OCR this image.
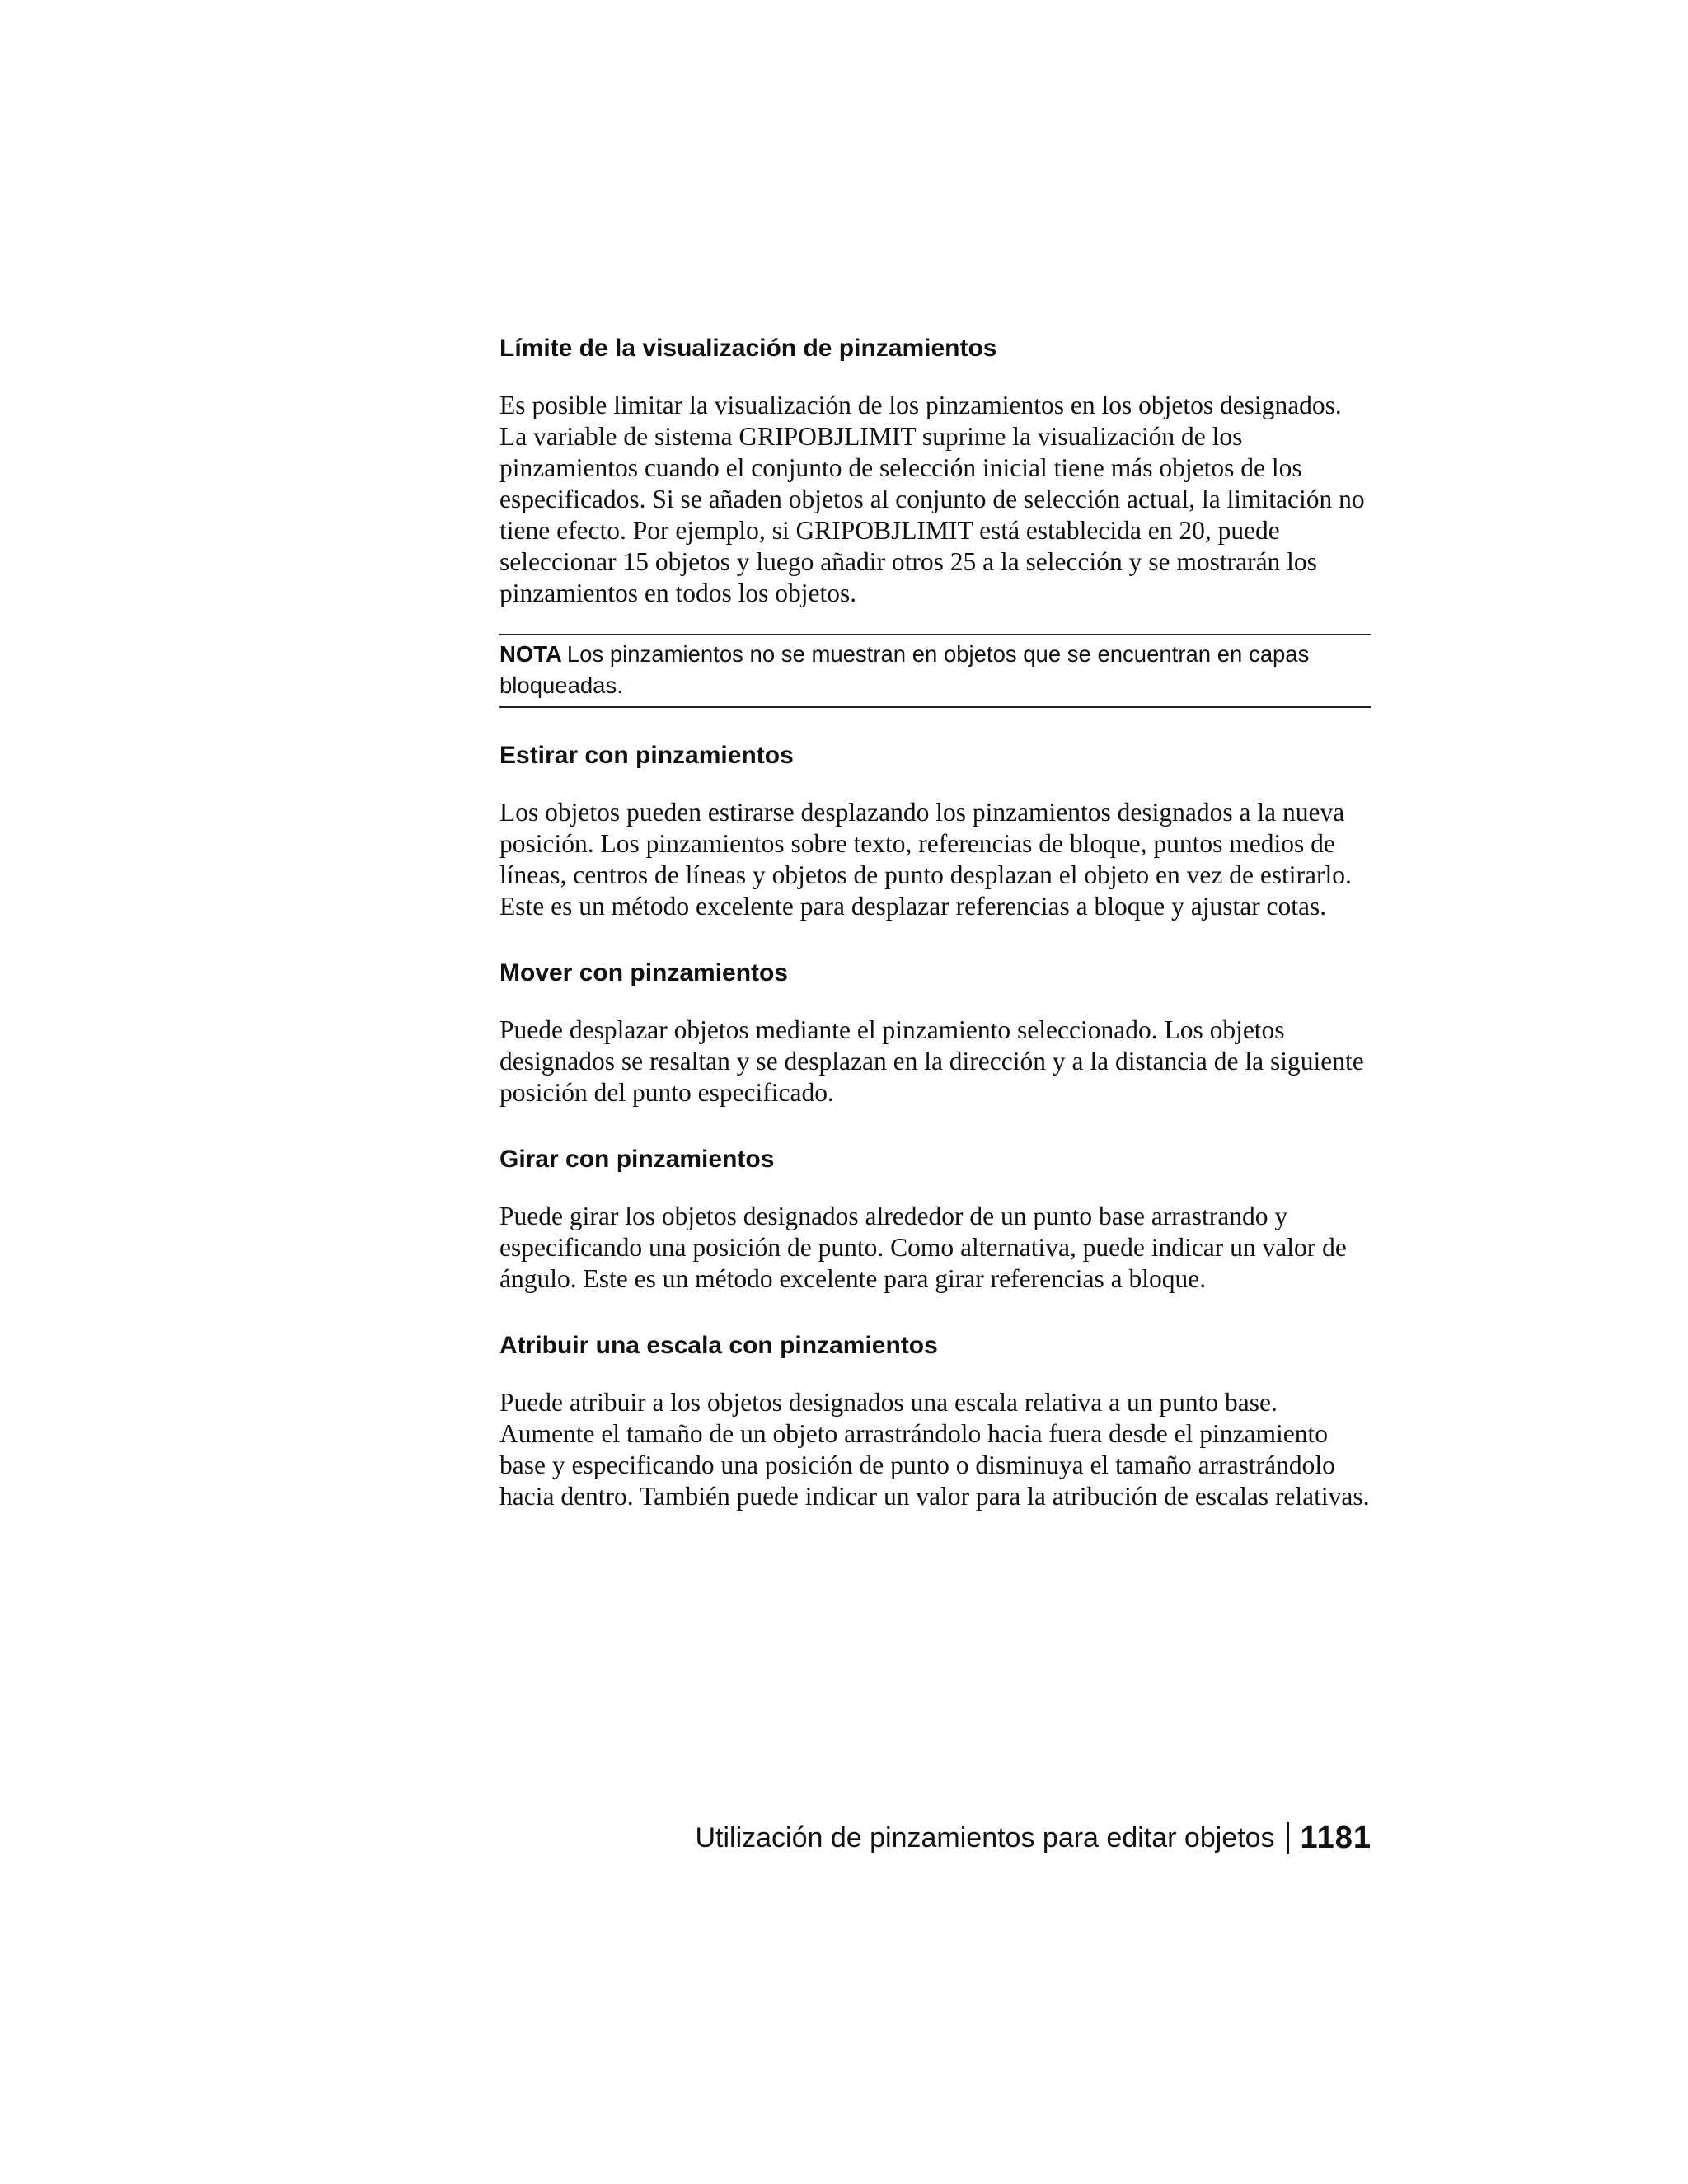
Límite de la visualización de pinzamientos

Es posible limitar la visualización de los pinzamientos en los objetos designados. La variable de sistema GRIPOBJLIMIT suprime la visualización de los pinzamientos cuando el conjunto de selección inicial tiene más objetos de los especificados. Si se añaden objetos al conjunto de selección actual, la limitación no tiene efecto. Por ejemplo, si GRIPOBJLIMIT está establecida en 20, puede seleccionar 15 objetos y luego añadir otros 25 a la selección y se mostrarán los pinzamientos en todos los objetos.

NOTA Los pinzamientos no se muestran en objetos que se encuentran en capas bloqueadas.
Estirar con pinzamientos

Los objetos pueden estirarse desplazando los pinzamientos designados a la nueva posición. Los pinzamientos sobre texto, referencias de bloque, puntos medios de líneas, centros de líneas y objetos de punto desplazan el objeto en vez de estirarlo. Este es un método excelente para desplazar referencias a bloque y ajustar cotas.

Mover con pinzamientos

Puede desplazar objetos mediante el pinzamiento seleccionado. Los objetos designados se resaltan y se desplazan en la dirección y a la distancia de la siguiente posición del punto especificado.

Girar con pinzamientos

Puede girar los objetos designados alrededor de un punto base arrastrando y especificando una posición de punto. Como alternativa, puede indicar un valor de ángulo. Este es un método excelente para girar referencias a bloque.

Atribuir una escala con pinzamientos

Puede atribuir a los objetos designados una escala relativa a un punto base. Aumente el tamaño de un objeto arrastrándolo hacia fuera desde el pinzamiento base y especificando una posición de punto o disminuya el tamaño arrastrándolo hacia dentro. También puede indicar un valor para la atribución de escalas relativas.

Utilización de pinzamientos para editar objetos 1181
